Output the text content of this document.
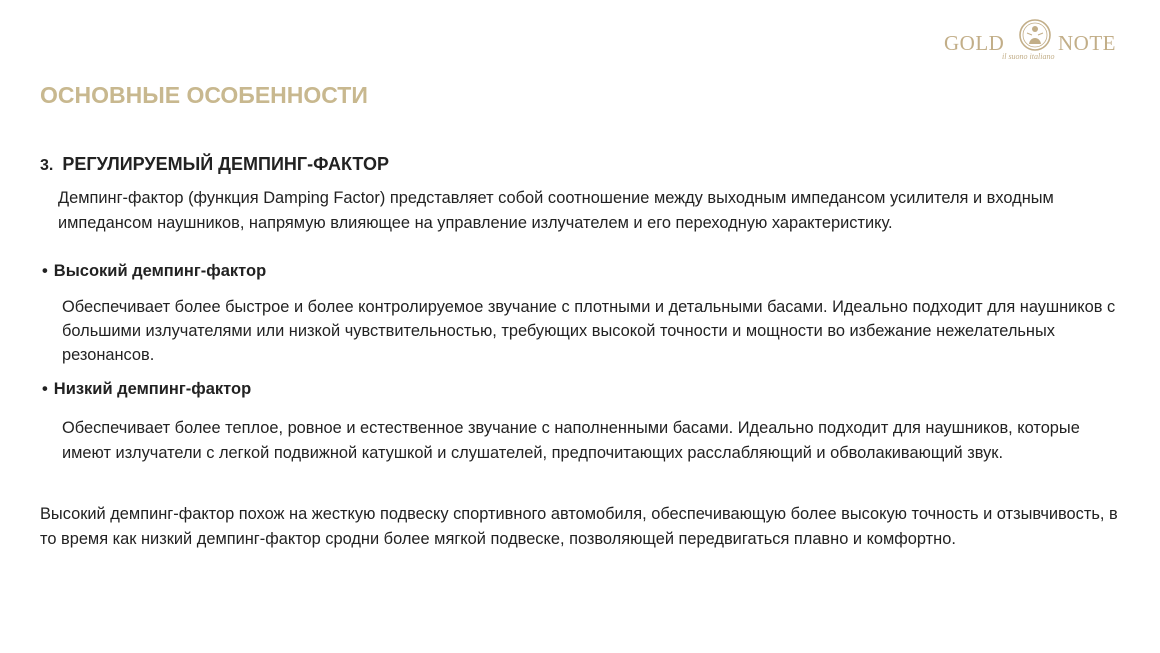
GOLD	NOTE
il suono italiano
ОСНОВНЫЕ ОСОБЕННОСТИ
3. РЕГУЛИРУЕМЫЙ ДЕМПИНГ-ФАКТОР

Демпинг-фактор (функция Damping Factor) представляет собой соотношение между выходным импедансом усилителя и входным импедансом наушников, напрямую влияющее на управление излучателем и его переходную характеристику.

• Высокий демпинг-фактор

Обеспечивает более быстрое и более контролируемое звучание с плотными и детальными басами. Идеально подходит для наушников с большими излучателями или низкой чувствительностью, требующих высокой точности и мощности во избежание нежелательных резонансов.

• Низкий демпинг-фактор

Обеспечивает более теплое, ровное и естественное звучание с наполненными басами. Идеально подходит для наушников, которые имеют излучатели с легкой подвижной катушкой и слушателей, предпочитающих расслабляющий и обволакивающий звук.

Высокий демпинг-фактор похож на жесткую подвеску спортивного автомобиля, обеспечивающую более высокую точность и отзывчивость, в то время как низкий демпинг-фактор сродни более мягкой подвеске, позволяющей передвигаться плавно и комфортно.
